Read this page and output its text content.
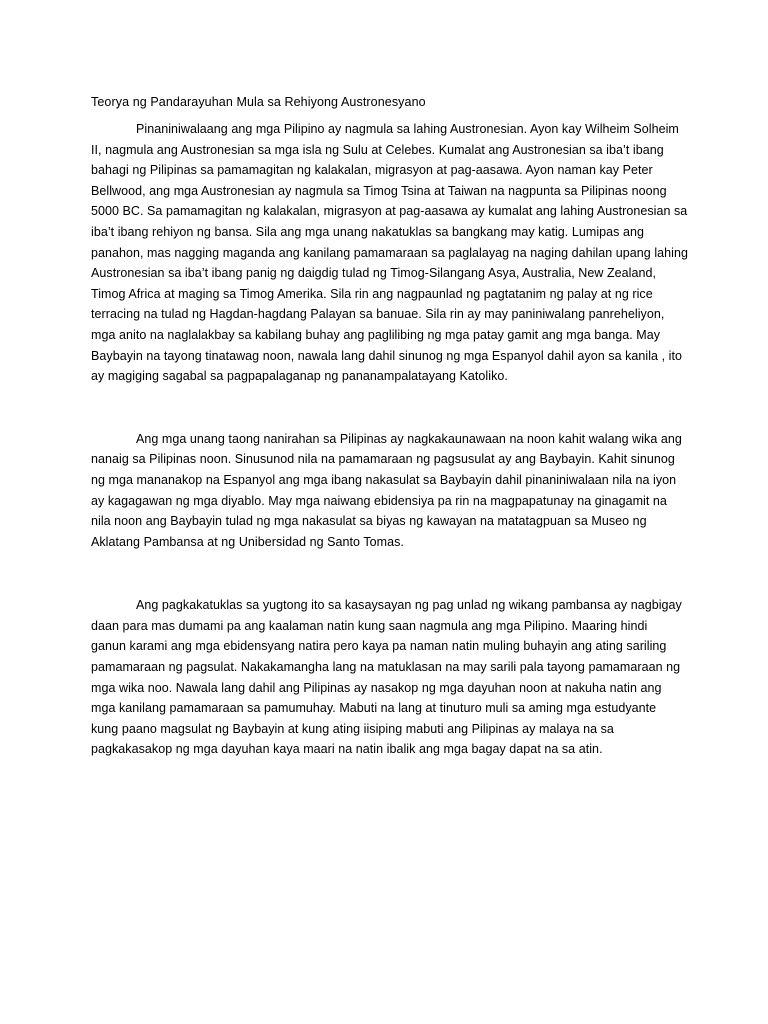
Teorya ng Pandarayuhan Mula sa Rehiyong Austronesyano
Pinaniniwalaang ang mga Pilipino ay nagmula sa lahing Austronesian. Ayon kay Wilheim Solheim
II, nagmula ang Austronesian sa mga isla ng Sulu at Celebes. Kumalat ang Austronesian sa iba’t ibang
bahagi ng Pilipinas sa pamamagitan ng kalakalan, migrasyon at pag-aasawa. Ayon naman kay Peter
Bellwood, ang mga Austronesian ay nagmula sa Timog Tsina at Taiwan na nagpunta sa Pilipinas noong
5000 BC. Sa pamamagitan ng kalakalan, migrasyon at pag-aasawa ay kumalat ang lahing Austronesian sa
iba’t ibang rehiyon ng bansa. Sila ang mga unang nakatuklas sa bangkang may katig. Lumipas ang
panahon, mas nagging maganda ang kanilang pamamaraan sa paglalayag na naging dahilan upang lahing
Austronesian sa iba’t ibang panig ng daigdig tulad ng Timog-Silangang Asya, Australia, New Zealand,
Timog Africa at maging sa Timog Amerika. Sila rin ang nagpaunlad ng pagtatanim ng palay at ng rice
terracing na tulad ng Hagdan-hagdang Palayan sa banuae. Sila rin ay may paniniwalang panreheliyon,
mga anito na naglalakbay sa kabilang buhay ang paglilibing ng mga patay gamit ang mga banga. May
Baybayin na tayong tinatawag noon, nawala lang dahil sinunog ng mga Espanyol dahil ayon sa kanila , ito
ay magiging sagabal sa pagpapalaganap ng pananampalatayang Katoliko.
Ang mga unang taong nanirahan sa Pilipinas ay nagkakaunawaan na noon kahit walang wika ang
nanaig sa Pilipinas noon. Sinusunod nila na pamamaraan ng pagsusulat ay ang Baybayin. Kahit sinunog
ng mga mananakop na Espanyol ang mga ibang nakasulat sa Baybayin dahil pinaniniwalaan nila na iyon
ay kagagawan ng mga diyablo. May mga naiwang ebidensiya pa rin na magpapatunay na ginagamit na
nila noon ang Baybayin tulad ng mga nakasulat sa biyas ng kawayan na matatagpuan sa Museo ng
Aklatang Pambansa at ng Unibersidad ng Santo Tomas.
Ang pagkakatuklas sa yugtong ito sa kasaysayan ng pag unlad ng wikang pambansa ay nagbigay
daan para mas dumami pa ang kaalaman natin kung saan nagmula ang mga Pilipino. Maaring hindi
ganun karami ang mga ebidensyang natira pero kaya pa naman natin muling buhayin ang ating sariling
pamamaraan ng pagsulat. Nakakamangha lang na matuklasan na may sarili pala tayong pamamaraan ng
mga wika noo. Nawala lang dahil ang Pilipinas ay nasakop ng mga dayuhan noon at nakuha natin ang
mga kanilang pamamaraan sa pamumuhay. Mabuti na lang at tinuturo muli sa aming mga estudyante
kung paano magsulat ng Baybayin at kung ating iisiping mabuti ang Pilipinas ay malaya na sa
pagkakasakop ng mga dayuhan kaya maari na natin ibalik ang mga bagay dapat na sa atin.
